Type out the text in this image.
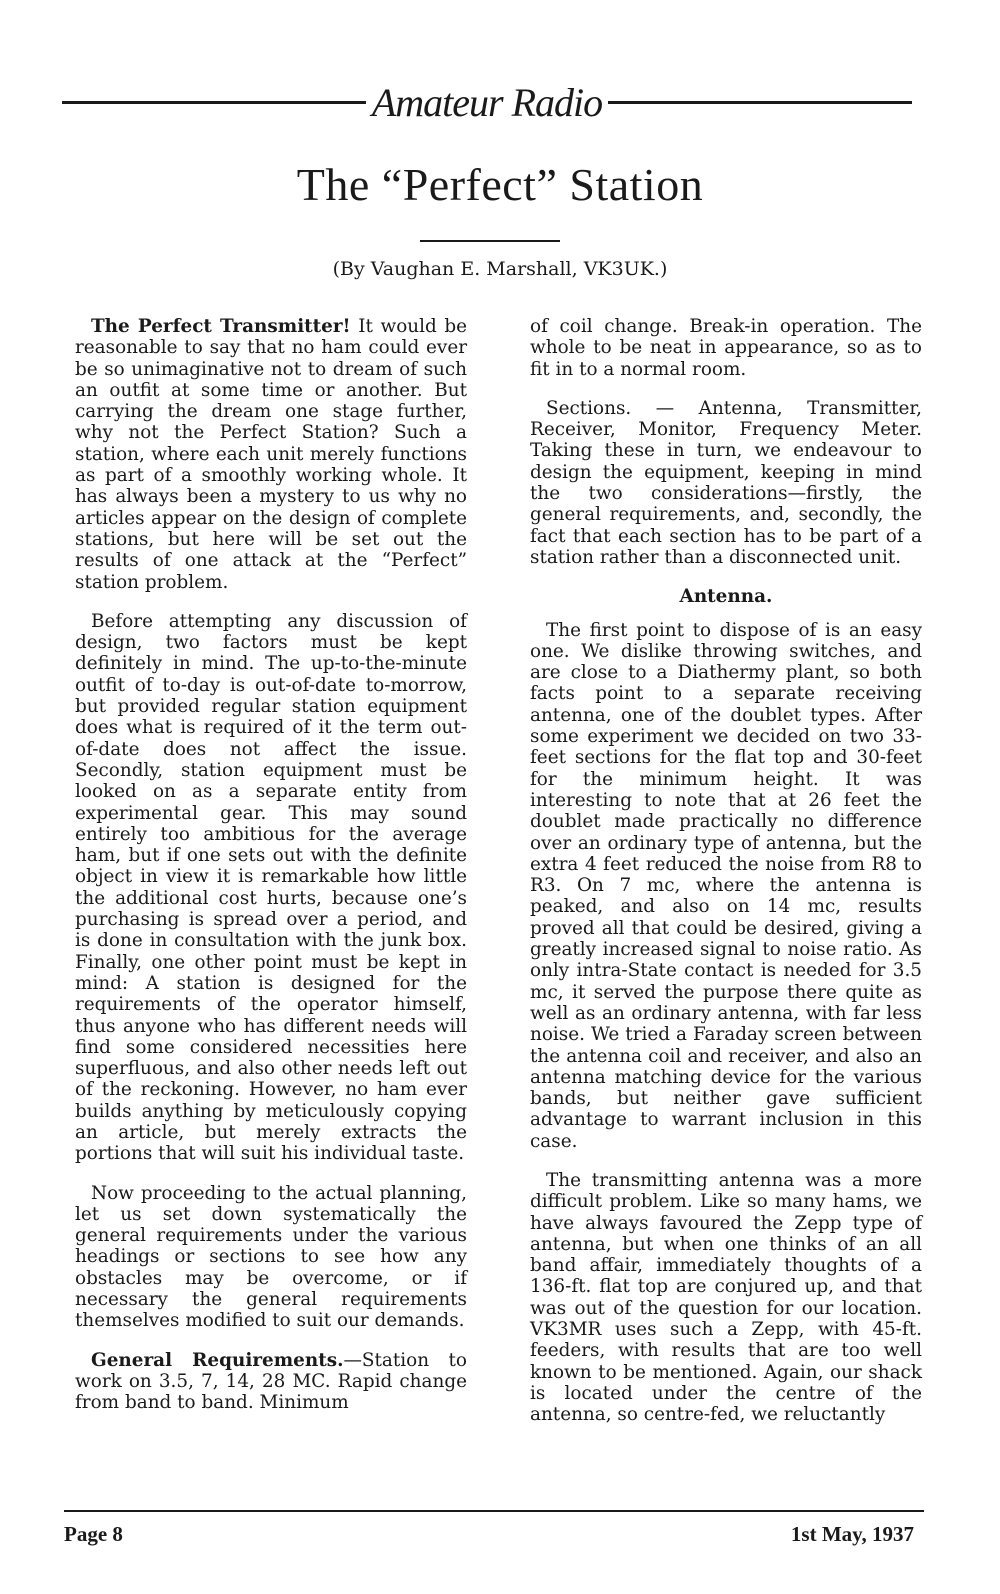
Amateur Radio
The “Perfect” Station
(By Vaughan E. Marshall, VK3UK.)

The Perfect Transmitter! It would be reasonable to say that no ham could ever be so unimaginative not to dream of such an outfit at some time or another. But carrying the dream one stage further, why not the Perfect Station? Such a station, where each unit merely functions as part of a smoothly working whole. It has always been a mystery to us why no articles appear on the design of complete stations, but here will be set out the results of one attack at the “Perfect” station problem.

Before attempting any discussion of design, two factors must be kept definitely in mind. The up-to-the-minute outfit of to-day is out-of-date to-morrow, but provided regular station equipment does what is required of it the term out-of-date does not affect the issue. Secondly, station equipment must be looked on as a separate entity from experimental gear. This may sound entirely too ambitious for the average ham, but if one sets out with the definite object in view it is remarkable how little the additional cost hurts, because one’s purchasing is spread over a period, and is done in consultation with the junk box. Finally, one other point must be kept in mind: A station is designed for the requirements of the operator himself, thus anyone who has different needs will find some considered necessities here superfluous, and also other needs left out of the reckoning. However, no ham ever builds anything by meticulously copying an article, but merely extracts the portions that will suit his individual taste.

Now proceeding to the actual planning, let us set down systematically the general requirements under the various headings or sections to see how any obstacles may be overcome, or if necessary the general requirements themselves modified to suit our demands.

General Requirements.—Station to work on 3.5, 7, 14, 28 MC. Rapid change from band to band. Minimum

of coil change. Break-in operation. The whole to be neat in appearance, so as to fit in to a normal room.

Sections. — Antenna, Transmitter, Receiver, Monitor, Frequency Meter. Taking these in turn, we endeavour to design the equipment, keeping in mind the two considerations—firstly, the general requirements, and, secondly, the fact that each section has to be part of a station rather than a disconnected unit.

Antenna.

The first point to dispose of is an easy one. We dislike throwing switches, and are close to a Diathermy plant, so both facts point to a separate receiving antenna, one of the doublet types. After some experiment we decided on two 33-feet sections for the flat top and 30-feet for the minimum height. It was interesting to note that at 26 feet the doublet made practically no difference over an ordinary type of antenna, but the extra 4 feet reduced the noise from R8 to R3. On 7 mc, where the antenna is peaked, and also on 14 mc, results proved all that could be desired, giving a greatly increased signal to noise ratio. As only intra-State contact is needed for 3.5 mc, it served the purpose there quite as well as an ordinary antenna, with far less noise. We tried a Faraday screen between the antenna coil and receiver, and also an antenna matching device for the various bands, but neither gave sufficient advantage to warrant inclusion in this case.

The transmitting antenna was a more difficult problem. Like so many hams, we have always favoured the Zepp type of antenna, but when one thinks of an all band affair, immediately thoughts of a 136-ft. flat top are conjured up, and that was out of the question for our location. VK3MR uses such a Zepp, with 45-ft. feeders, with results that are too well known to be mentioned. Again, our shack is located under the centre of the antenna, so centre-fed, we reluctantly

Page 8	1st May, 1937
